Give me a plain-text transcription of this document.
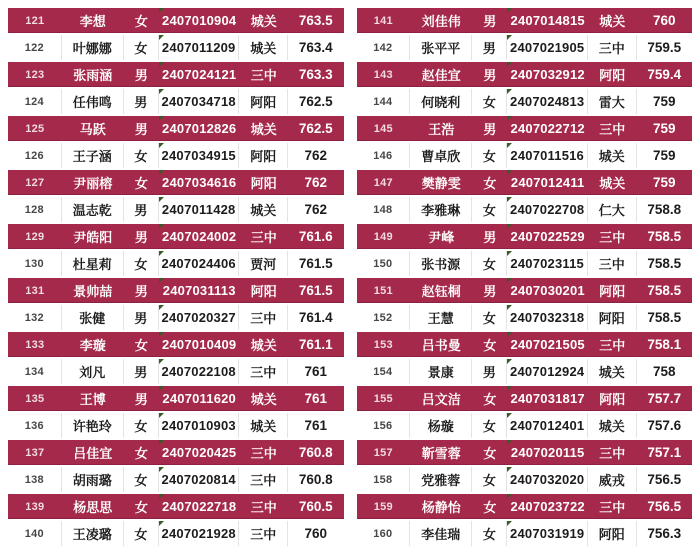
121	李想	女	2407010904	城关	763.5
122	叶娜娜	女	2407011209	城关	763.4
123	张雨涵	男	2407024121	三中	763.3
124	任伟鸣	男	2407034718	阿阳	762.5
125	马跃	男	2407012826	城关	762.5
126	王子涵	女	2407034915	阿阳	762
127	尹丽榕	女	2407034616	阿阳	762
128	温志乾	男	2407011428	城关	762
129	尹皓阳	男	2407024002	三中	761.6
130	杜星莉	女	2407024406	贾河	761.5
131	景帅喆	男	2407031113	阿阳	761.5
132	张健	男	2407020327	三中	761.4
133	李璇	女	2407010409	城关	761.1
134	刘凡	男	2407022108	三中	761
135	王博	男	2407011620	城关	761
136	许艳玲	女	2407010903	城关	761
137	吕佳宜	女	2407020425	三中	760.8
138	胡雨璐	女	2407020814	三中	760.8
139	杨思思	女	2407022718	三中	760.5
140	王凌璐	女	2407021928	三中	760
141	刘佳伟	男	2407014815	城关	760
142	张平平	男	2407021905	三中	759.5
143	赵佳宜	男	2407032912	阿阳	759.4
144	何晓利	女	2407024813	雷大	759
145	王浩	男	2407022712	三中	759
146	曹卓欣	女	2407011516	城关	759
147	樊静雯	女	2407012411	城关	759
148	李雅琳	女	2407022708	仁大	758.8
149	尹峰	男	2407022529	三中	758.5
150	张书源	女	2407023115	三中	758.5
151	赵钰桐	男	2407030201	阿阳	758.5
152	王慧	女	2407032318	阿阳	758.5
153	吕书曼	女	2407021505	三中	758.1
154	景康	男	2407012924	城关	758
155	吕文洁	女	2407031817	阿阳	757.7
156	杨璇	女	2407012401	城关	757.6
157	靳雪蓉	女	2407020115	三中	757.1
158	党雅蓉	女	2407032020	威戎	756.5
159	杨静怡	女	2407023722	三中	756.5
160	李佳瑞	女	2407031919	阿阳	756.3
